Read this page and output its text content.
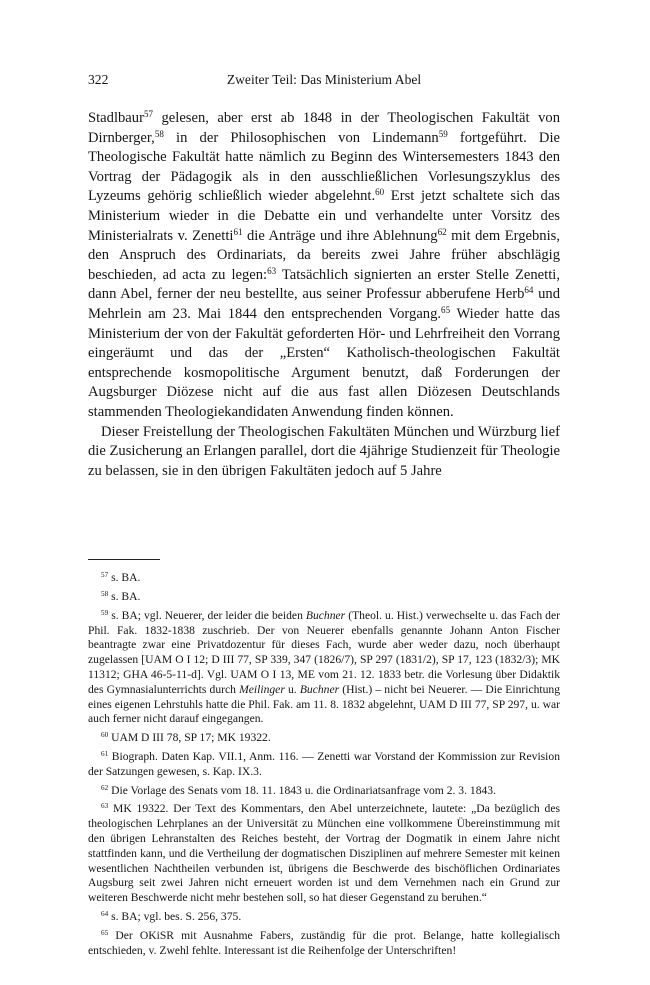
322	Zweiter Teil: Das Ministerium Abel

Stadlbaur$^{57}$ gelesen, aber erst ab 1848 in der Theologischen Fakultät von Dirnberger,$^{58}$ in der Philosophischen von Lindemann$^{59}$ fortgeführt. Die Theologische Fakultät hatte nämlich zu Beginn des Wintersemesters 1843 den Vortrag der Pädagogik als in den ausschließlichen Vorlesungszyklus des Lyzeums gehörig schließlich wieder abgelehnt.$^{60}$ Erst jetzt schaltete sich das Ministerium wieder in die Debatte ein und verhandelte unter Vorsitz des Ministerialrats v. Zenetti$^{61}$ die Anträge und ihre Ablehnung$^{62}$ mit dem Ergebnis, den Anspruch des Ordinariats, da bereits zwei Jahre früher abschlägig beschieden, ad acta zu legen:$^{63}$ Tatsächlich signierten an erster Stelle Zenetti, dann Abel, ferner der neu bestellte, aus seiner Professur abberufene Herb$^{64}$ und Mehrlein am 23. Mai 1844 den entsprechenden Vorgang.$^{65}$ Wieder hatte das Ministerium der von der Fakultät geforderten Hör- und Lehrfreiheit den Vorrang eingeräumt und das der „Ersten“ Katholisch-theologischen Fakultät entsprechende kosmopolitische Argument benutzt, daß Forderungen der Augsburger Diözese nicht auf die aus fast allen Diözesen Deutschlands stammenden Theologiekandidaten Anwendung finden können.

Dieser Freistellung der Theologischen Fakultäten München und Würzburg lief die Zusicherung an Erlangen parallel, dort die 4jährige Studienzeit für Theologie zu belassen, sie in den übrigen Fakultäten jedoch auf 5 Jahre

$^{57}$ s. BA.

$^{58}$ s. BA.

$^{59}$ s. BA; vgl. Neuerer, der leider die beiden Buchner (Theol. u. Hist.) verwechselte u. das Fach der Phil. Fak. 1832-1838 zuschrieb. Der von Neuerer ebenfalls genannte Johann Anton Fischer beantragte zwar eine Privatdozentur für dieses Fach, wurde aber weder dazu, noch überhaupt zugelassen [UAM O I 12; D III 77, SP 339, 347 (1826/7), SP 297 (1831/2), SP 17, 123 (1832/3); MK 11312; GHA 46-5-11-d]. Vgl. UAM O I 13, ME vom 21. 12. 1833 betr. die Vorlesung über Didaktik des Gymnasialunterrichts durch Meilinger u. Buchner (Hist.) – nicht bei Neuerer. — Die Einrichtung eines eigenen Lehrstuhls hatte die Phil. Fak. am 11. 8. 1832 abgelehnt, UAM D III 77, SP 297, u. war auch ferner nicht darauf eingegangen.

$^{60}$ UAM D III 78, SP 17; MK 19322.

$^{61}$ Biograph. Daten Kap. VII.1, Anm. 116. — Zenetti war Vorstand der Kommission zur Revision der Satzungen gewesen, s. Kap. IX.3.

$^{62}$ Die Vorlage des Senats vom 18. 11. 1843 u. die Ordinariatsanfrage vom 2. 3. 1843.

$^{63}$ MK 19322. Der Text des Kommentars, den Abel unterzeichnete, lautete: „Da bezüglich des theologischen Lehrplanes an der Universität zu München eine vollkommene Übereinstimmung mit den übrigen Lehranstalten des Reiches besteht, der Vortrag der Dogmatik in einem Jahre nicht stattfinden kann, und die Vertheilung der dogmatischen Disziplinen auf mehrere Semester mit keinen wesentlichen Nachtheilen verbunden ist, übrigens die Beschwerde des bischöflichen Ordinariates Augsburg seit zwei Jahren nicht erneuert worden ist und dem Vernehmen nach ein Grund zur weiteren Beschwerde nicht mehr bestehen soll, so hat dieser Gegenstand zu beruhen.“

$^{64}$ s. BA; vgl. bes. S. 256, 375.

$^{65}$ Der OKiSR mit Ausnahme Fabers, zuständig für die prot. Belange, hatte kollegialisch entschieden, v. Zwehl fehlte. Interessant ist die Reihenfolge der Unterschriften!
